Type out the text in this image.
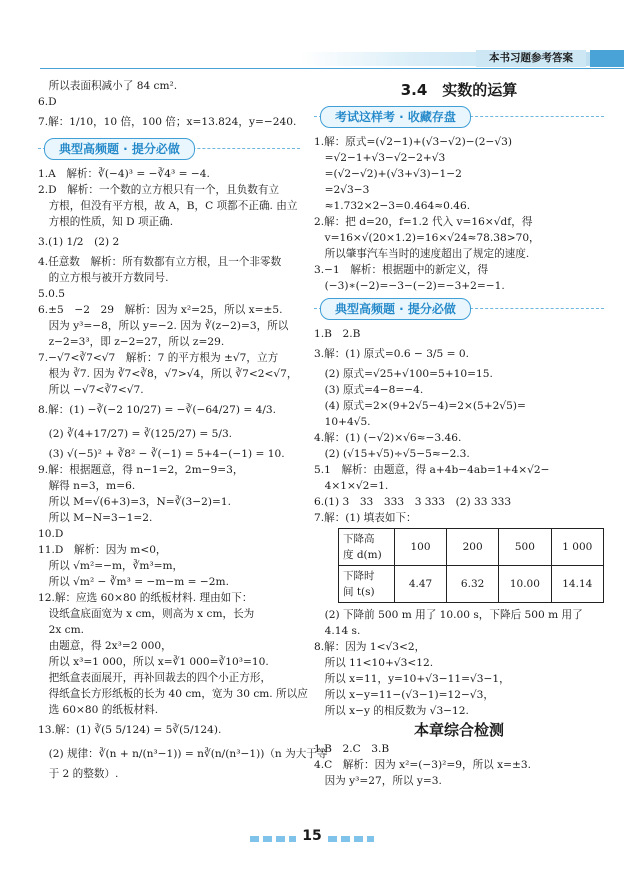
本书习题参考答案
　所以表面积减小了 84 cm².
6.D
7.解：1/10，10 倍，100 倍；x=13.824，y=−240.
典型高频题 · 提分必做
1.A　解析：∛(−4)³ = −∛4³ = −4.
2.D　解析：一个数的立方根只有一个，且负数有立
　方根，但没有平方根，故 A，B，C 项都不正确. 由立
　方根的性质，知 D 项正确.
3.(1) 1/2　(2) 2
4.任意数　解析：所有数都有立方根，且一个非零数
　的立方根与被开方数同号.
5.0.5
6.±5　−2　29　解析：因为 x²=25，所以 x=±5.
　因为 y³=−8，所以 y=−2. 因为 ∛(z−2)=3，所以
　z−2=3³，即 z−2=27，所以 z=29.
7.−√7<∛7<√7　解析：7 的平方根为 ±√7，立方
　根为 ∛7. 因为 ∛7<∛8，√7>√4，所以 ∛7<2<√7，
　所以 −√7<∛7<√7.
8.解：(1) −∛(−2 10/27) = −∛(−64/27) = 4/3.
　(2) ∛(4+17/27) = ∛(125/27) = 5/3.
　(3) √(−5)² + ∛8² − ∛(−1) = 5+4−(−1) = 10.
9.解：根据题意，得 n−1=2，2m−9=3，
　解得 n=3，m=6.
　所以 M=√(6+3)=3，N=∛(3−2)=1.
　所以 M−N=3−1=2.
10.D
11.D　解析：因为 m<0，
　所以 √m²=−m，∛m³=m，
　所以 √m² − ∛m³ = −m−m = −2m.
12.解：应选 60×80 的纸板材料. 理由如下：
　设纸盒底面宽为 x cm，则高为 x cm，长为
　2x cm.
　由题意，得 2x³=2 000，
　所以 x³=1 000，所以 x=∛1 000=∛10³=10.
　把纸盒表面展开，再补回裁去的四个小正方形，
　得纸盒长方形纸板的长为 40 cm，宽为 30 cm. 所以应
　选 60×80 的纸板材料.
13.解：(1) ∛(5 5/124) = 5∛(5/124).
　(2) 规律：∛(n + n/(n³−1)) = n∛(n/(n³−1))（n 为大于等
　于 2 的整数）.
3.4　实数的运算
考试这样考 · 收藏存盘
1.解：原式=(√2−1)+(√3−√2)−(2−√3)
　=√2−1+√3−√2−2+√3
　=(√2−√2)+(√3+√3)−1−2
　=2√3−3
　≈1.732×2−3=0.464≈0.46.
2.解：把 d=20，f=1.2 代入 v=16×√df，得
　v=16×√(20×1.2)=16×√24≈78.38>70，
　所以肇事汽车当时的速度超出了规定的速度.
3.−1　解析：根据题中的新定义，得
　(−3)∗(−2)=−3−(−2)=−3+2=−1.
典型高频题 · 提分必做
1.B　2.B
3.解：(1) 原式=0.6 − 3/5 = 0.
　(2) 原式=√25+√100=5+10=15.
　(3) 原式=4−8=−4.
　(4) 原式=2×(9+2√5−4)=2×(5+2√5)=
　10+4√5.
4.解：(1) (−√2)×√6≈−3.46.
　(2) (√15+√5)÷√5−5≈−2.3.
5.1　解析：由题意，得 a+4b−4ab=1+4×√2−
　4×1×√2=1.
6.(1) 3　33　333　3 333　(2) 33 333
7.解：(1) 填表如下：
下降高
度 d(m)	100	200	500	1 000
下降时
间 t(s)	4.47	6.32	10.00	14.14
　(2) 下降前 500 m 用了 10.00 s，下降后 500 m 用了
　4.14 s.
8.解：因为 1<√3<2，
　所以 11<10+√3<12.
　所以 x=11，y=10+√3−11=√3−1，
　所以 x−y=11−(√3−1)=12−√3，
　所以 x−y 的相反数为 √3−12.
本章综合检测
1.B　2.C　3.B
4.C　解析：因为 x²=(−3)²=9，所以 x=±3.
　因为 y³=27，所以 y=3.
15
